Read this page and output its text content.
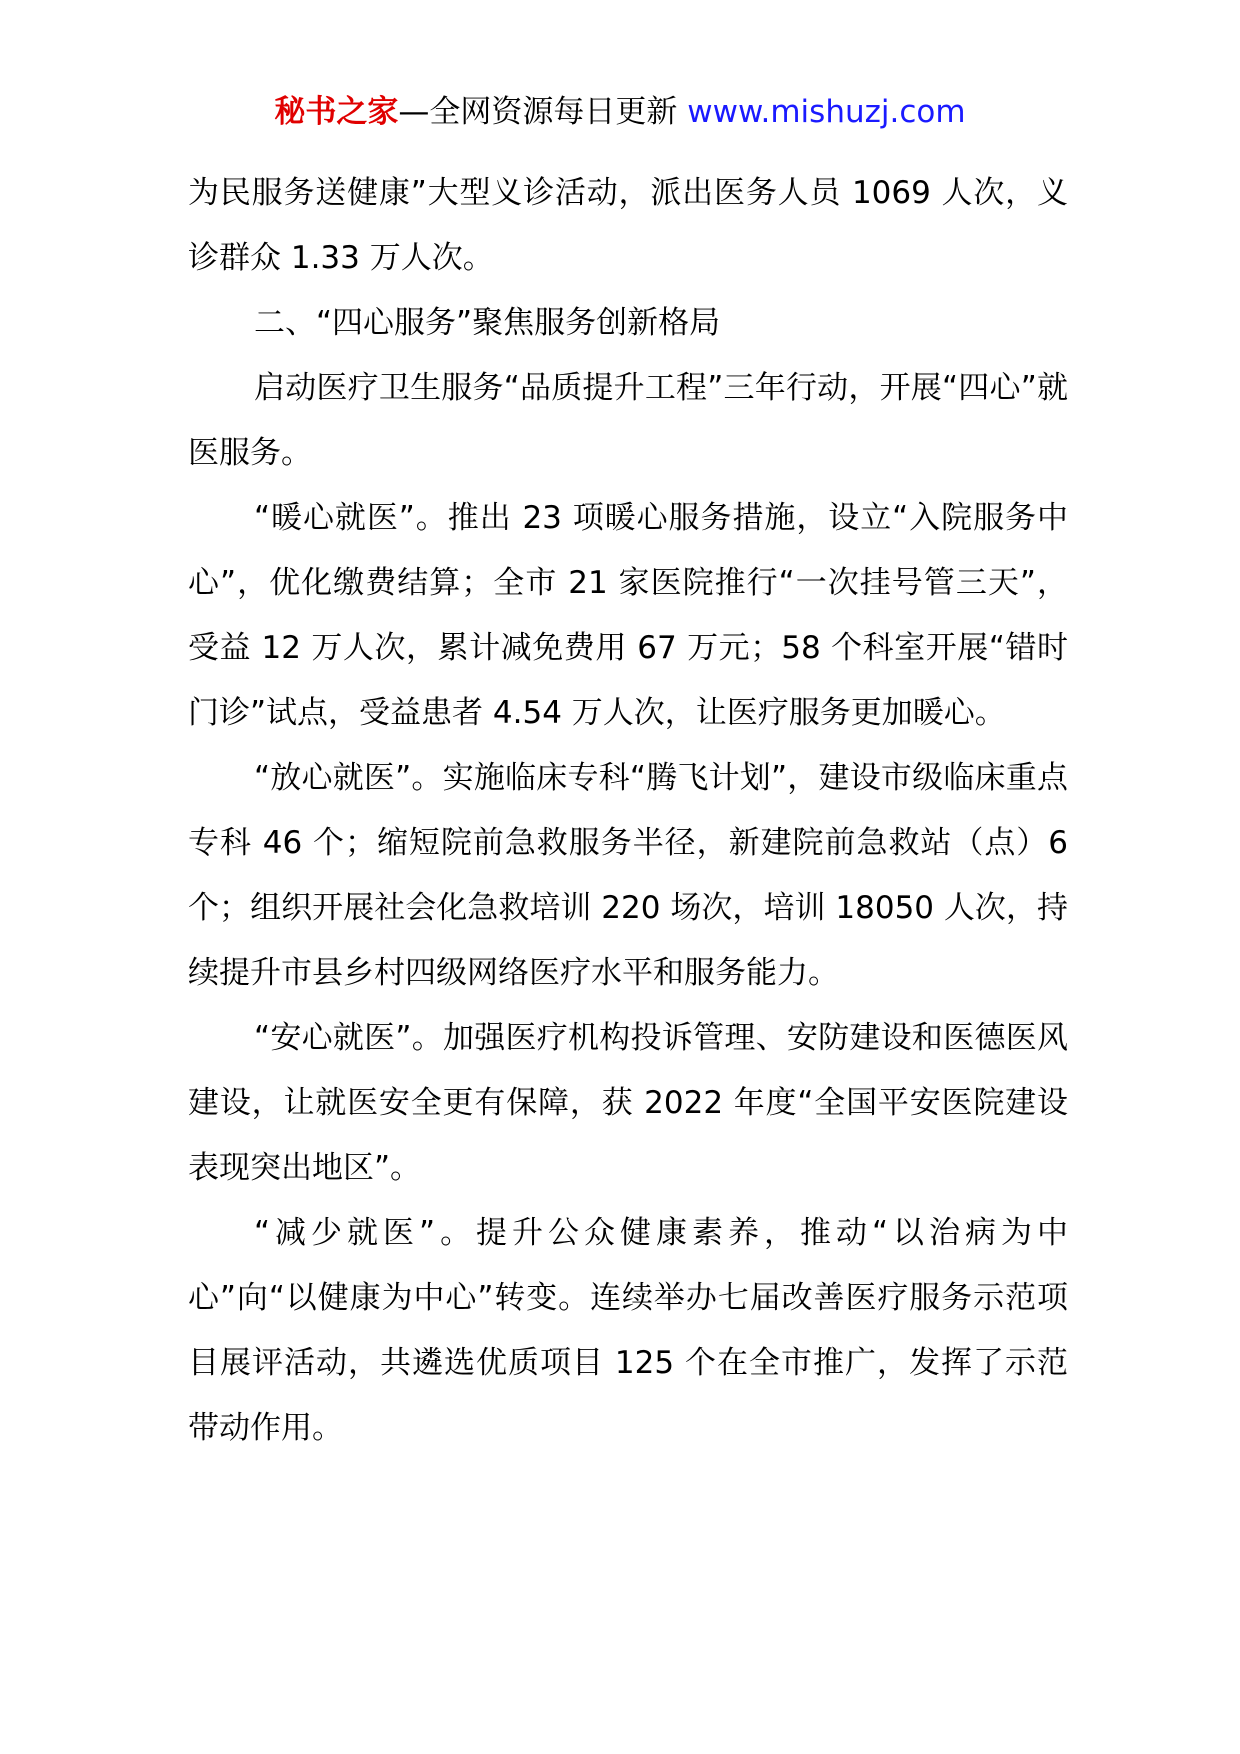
秘书之家—全网资源每日更新 www.mishuzj.com

为民服务送健康”大型义诊活动，派出医务人员 1069 人次，义诊群众 1.33 万人次。

二、“四心服务”聚焦服务创新格局

启动医疗卫生服务“品质提升工程”三年行动，开展“四心”就医服务。

“暖心就医”。推出 23 项暖心服务措施，设立“入院服务中心”，优化缴费结算；全市 21 家医院推行“一次挂号管三天”，受益 12 万人次，累计减免费用 67 万元；58 个科室开展“错时门诊”试点，受益患者 4.54 万人次，让医疗服务更加暖心。

“放心就医”。实施临床专科“腾飞计划”，建设市级临床重点专科 46 个；缩短院前急救服务半径，新建院前急救站（点）6 个；组织开展社会化急救培训 220 场次，培训 18050 人次，持续提升市县乡村四级网络医疗水平和服务能力。

“安心就医”。加强医疗机构投诉管理、安防建设和医德医风建设，让就医安全更有保障，获 2022 年度“全国平安医院建设表现突出地区”。

“减少就医”。提升公众健康素养，推动“以治病为中心”向“以健康为中心”转变。连续举办七届改善医疗服务示范项目展评活动，共遴选优质项目 125 个在全市推广，发挥了示范带动作用。
